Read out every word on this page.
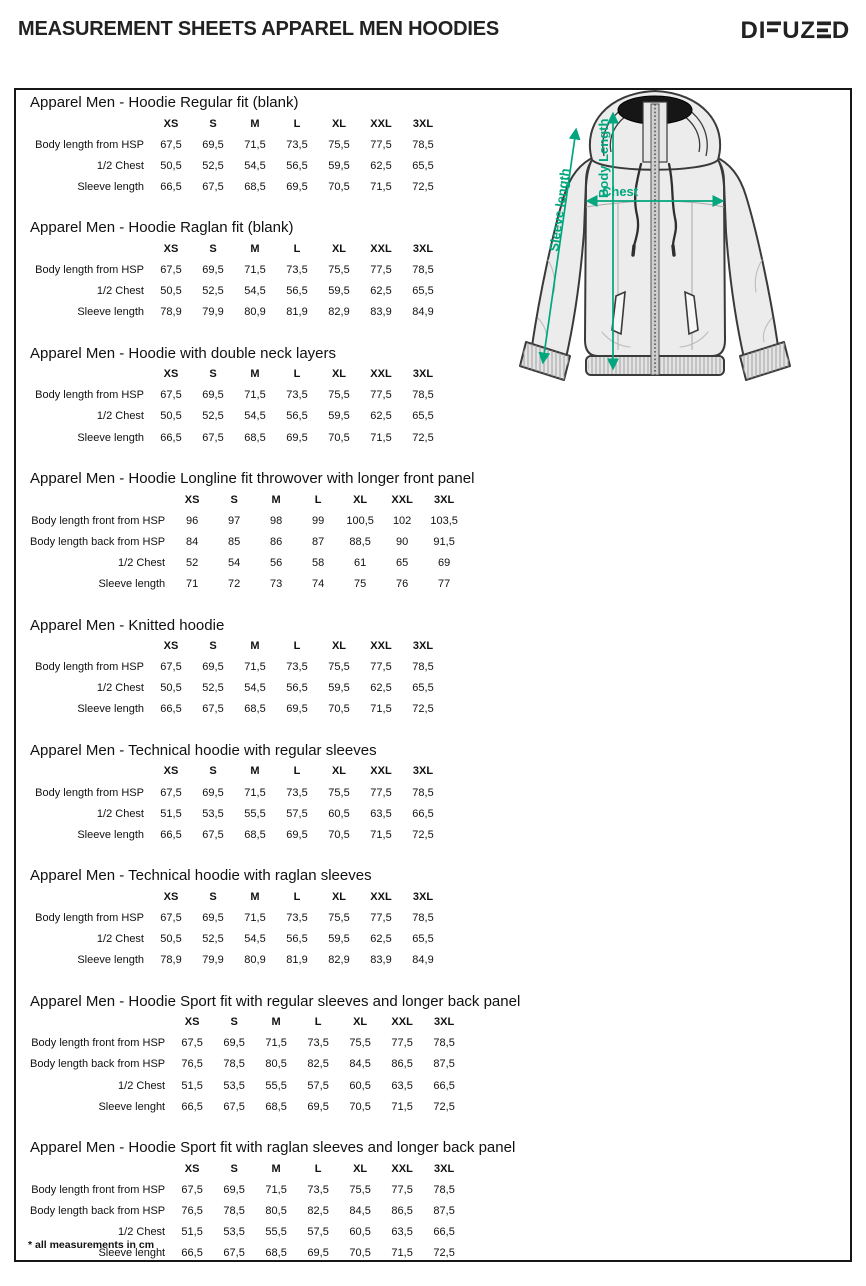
MEASUREMENT SHEETS APPAREL MEN HOODIES	D I U Z D
Apparel Men - Hoodie Regular fit (blank)
	XS	S	M	L	XL	XXL	3XL
Body length from HSP	67,5	69,5	71,5	73,5	75,5	77,5	78,5
1/2 Chest	50,5	52,5	54,5	56,5	59,5	62,5	65,5
Sleeve length	66,5	67,5	68,5	69,5	70,5	71,5	72,5
Apparel Men - Hoodie Raglan fit (blank)
	XS	S	M	L	XL	XXL	3XL
Body length from HSP	67,5	69,5	71,5	73,5	75,5	77,5	78,5
1/2 Chest	50,5	52,5	54,5	56,5	59,5	62,5	65,5
Sleeve length	78,9	79,9	80,9	81,9	82,9	83,9	84,9
Apparel Men - Hoodie with double neck layers
	XS	S	M	L	XL	XXL	3XL
Body length from HSP	67,5	69,5	71,5	73,5	75,5	77,5	78,5
1/2 Chest	50,5	52,5	54,5	56,5	59,5	62,5	65,5
Sleeve length	66,5	67,5	68,5	69,5	70,5	71,5	72,5
Apparel Men - Hoodie Longline fit throwover with longer front panel
	XS	S	M	L	XL	XXL	3XL
Body length front from HSP	96	97	98	99	100,5	102	103,5
Body length back from HSP	84	85	86	87	88,5	90	91,5
1/2 Chest	52	54	56	58	61	65	69
Sleeve length	71	72	73	74	75	76	77
Apparel Men - Knitted hoodie
	XS	S	M	L	XL	XXL	3XL
Body length from HSP	67,5	69,5	71,5	73,5	75,5	77,5	78,5
1/2 Chest	50,5	52,5	54,5	56,5	59,5	62,5	65,5
Sleeve length	66,5	67,5	68,5	69,5	70,5	71,5	72,5
Apparel Men - Technical hoodie with regular sleeves
	XS	S	M	L	XL	XXL	3XL
Body length from HSP	67,5	69,5	71,5	73,5	75,5	77,5	78,5
1/2 Chest	51,5	53,5	55,5	57,5	60,5	63,5	66,5
Sleeve length	66,5	67,5	68,5	69,5	70,5	71,5	72,5
Apparel Men - Technical hoodie with raglan sleeves
	XS	S	M	L	XL	XXL	3XL
Body length from HSP	67,5	69,5	71,5	73,5	75,5	77,5	78,5
1/2 Chest	50,5	52,5	54,5	56,5	59,5	62,5	65,5
Sleeve length	78,9	79,9	80,9	81,9	82,9	83,9	84,9
Apparel Men - Hoodie Sport fit with regular sleeves and longer back panel
	XS	S	M	L	XL	XXL	3XL
Body length front from HSP	67,5	69,5	71,5	73,5	75,5	77,5	78,5
Body length back from HSP	76,5	78,5	80,5	82,5	84,5	86,5	87,5
1/2 Chest	51,5	53,5	55,5	57,5	60,5	63,5	66,5
Sleeve lenght	66,5	67,5	68,5	69,5	70,5	71,5	72,5
Apparel Men - Hoodie Sport fit with raglan sleeves and longer back panel
	XS	S	M	L	XL	XXL	3XL
Body length front from HSP	67,5	69,5	71,5	73,5	75,5	77,5	78,5
Body length back from HSP	76,5	78,5	80,5	82,5	84,5	86,5	87,5
1/2 Chest	51,5	53,5	55,5	57,5	60,5	63,5	66,5
Sleeve lenght	66,5	67,5	68,5	69,5	70,5	71,5	72,5
Chest
Body Length
Sleeve length
* all measurements in cm
